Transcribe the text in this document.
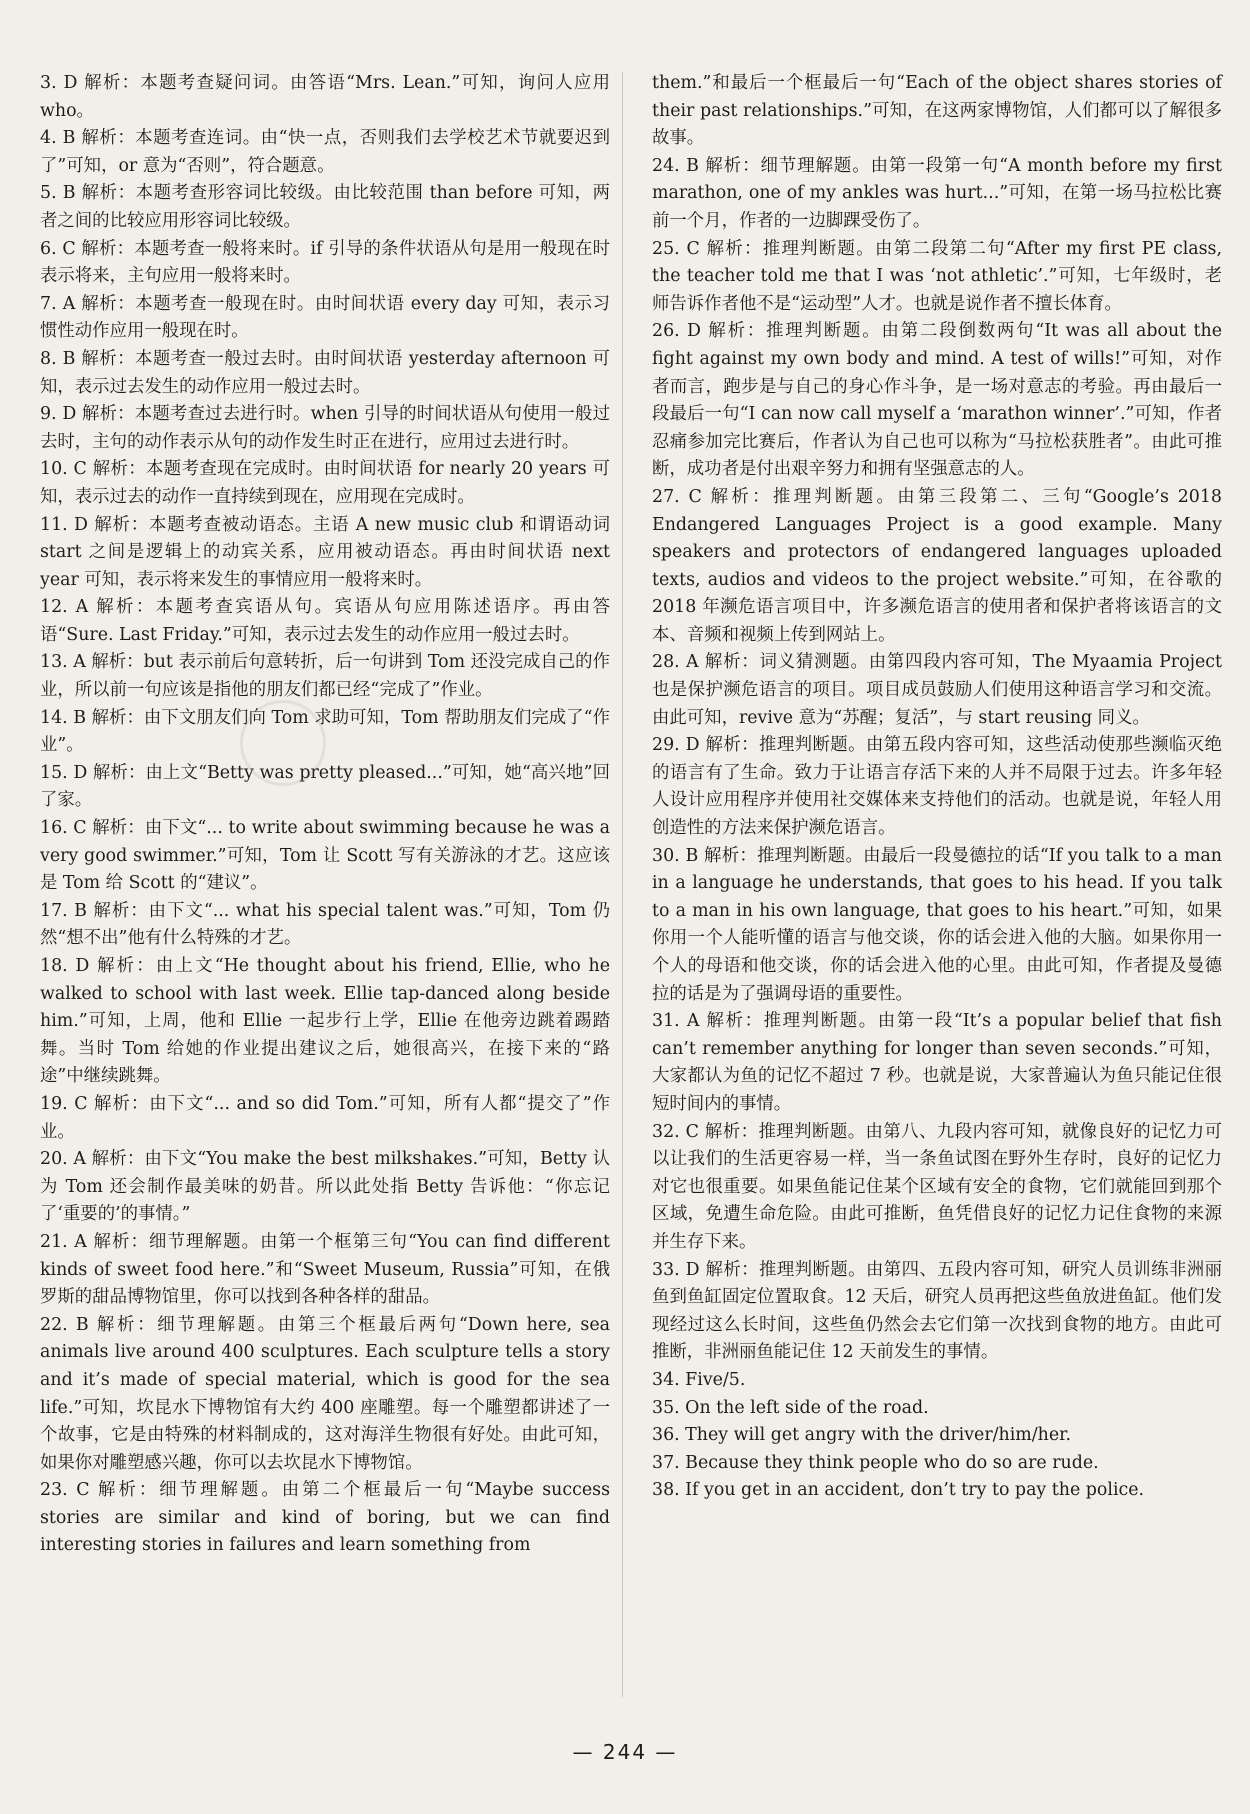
3. D 解析：本题考查疑问词。由答语“Mrs. Lean.”可知，询问人应用 who。
4. B 解析：本题考查连词。由“快一点，否则我们去学校艺术节就要迟到了”可知，or 意为“否则”，符合题意。
5. B 解析：本题考查形容词比较级。由比较范围 than before 可知，两者之间的比较应用形容词比较级。
6. C 解析：本题考查一般将来时。if 引导的条件状语从句是用一般现在时表示将来，主句应用一般将来时。
7. A 解析：本题考查一般现在时。由时间状语 every day 可知，表示习惯性动作应用一般现在时。
8. B 解析：本题考查一般过去时。由时间状语 yesterday afternoon 可知，表示过去发生的动作应用一般过去时。
9. D 解析：本题考查过去进行时。when 引导的时间状语从句使用一般过去时，主句的动作表示从句的动作发生时正在进行，应用过去进行时。
10. C 解析：本题考查现在完成时。由时间状语 for nearly 20 years 可知，表示过去的动作一直持续到现在，应用现在完成时。
11. D 解析：本题考查被动语态。主语 A new music club 和谓语动词 start 之间是逻辑上的动宾关系，应用被动语态。再由时间状语 next year 可知，表示将来发生的事情应用一般将来时。
12. A 解析：本题考查宾语从句。宾语从句应用陈述语序。再由答语“Sure. Last Friday.”可知，表示过去发生的动作应用一般过去时。
13. A 解析：but 表示前后句意转折，后一句讲到 Tom 还没完成自己的作业，所以前一句应该是指他的朋友们都已经“完成了”作业。
14. B 解析：由下文朋友们向 Tom 求助可知，Tom 帮助朋友们完成了“作业”。
15. D 解析：由上文“Betty was pretty pleased...”可知，她“高兴地”回了家。
16. C 解析：由下文“... to write about swimming because he was a very good swimmer.”可知，Tom 让 Scott 写有关游泳的才艺。这应该是 Tom 给 Scott 的“建议”。
17. B 解析：由下文“... what his special talent was.”可知，Tom 仍然“想不出”他有什么特殊的才艺。
18. D 解析：由上文“He thought about his friend, Ellie, who he walked to school with last week. Ellie tap-danced along beside him.”可知，上周，他和 Ellie 一起步行上学，Ellie 在他旁边跳着踢踏舞。当时 Tom 给她的作业提出建议之后，她很高兴，在接下来的“路途”中继续跳舞。
19. C 解析：由下文“... and so did Tom.”可知，所有人都“提交了”作业。
20. A 解析：由下文“You make the best milkshakes.”可知，Betty 认为 Tom 还会制作最美味的奶昔。所以此处指 Betty 告诉他：“你忘记了‘重要的’的事情。”
21. A 解析：细节理解题。由第一个框第三句“You can find different kinds of sweet food here.”和“Sweet Museum, Russia”可知，在俄罗斯的甜品博物馆里，你可以找到各种各样的甜品。
22. B 解析：细节理解题。由第三个框最后两句“Down here, sea animals live around 400 sculptures. Each sculpture tells a story and it’s made of special material, which is good for the sea life.”可知，坎昆水下博物馆有大约 400 座雕塑。每一个雕塑都讲述了一个故事，它是由特殊的材料制成的，这对海洋生物很有好处。由此可知，如果你对雕塑感兴趣，你可以去坎昆水下博物馆。
23. C 解析：细节理解题。由第二个框最后一句“Maybe success stories are similar and kind of boring, but we can find interesting stories in failures and learn something from
them.”和最后一个框最后一句“Each of the object shares stories of their past relationships.”可知，在这两家博物馆，人们都可以了解很多故事。
24. B 解析：细节理解题。由第一段第一句“A month before my first marathon, one of my ankles was hurt...”可知，在第一场马拉松比赛前一个月，作者的一边脚踝受伤了。
25. C 解析：推理判断题。由第二段第二句“After my first PE class, the teacher told me that I was ‘not athletic’.”可知，七年级时，老师告诉作者他不是“运动型”人才。也就是说作者不擅长体育。
26. D 解析：推理判断题。由第二段倒数两句“It was all about the fight against my own body and mind. A test of wills!”可知，对作者而言，跑步是与自己的身心作斗争，是一场对意志的考验。再由最后一段最后一句“I can now call myself a ‘marathon winner’.”可知，作者忍痛参加完比赛后，作者认为自己也可以称为“马拉松获胜者”。由此可推断，成功者是付出艰辛努力和拥有坚强意志的人。
27. C 解析：推理判断题。由第三段第二、三句“Google’s 2018 Endangered Languages Project is a good example. Many speakers and protectors of endangered languages uploaded texts, audios and videos to the project website.”可知，在谷歌的 2018 年濒危语言项目中，许多濒危语言的使用者和保护者将该语言的文本、音频和视频上传到网站上。
28. A 解析：词义猜测题。由第四段内容可知，The Myaamia Project 也是保护濒危语言的项目。项目成员鼓励人们使用这种语言学习和交流。由此可知，revive 意为“苏醒；复活”，与 start reusing 同义。
29. D 解析：推理判断题。由第五段内容可知，这些活动使那些濒临灭绝的语言有了生命。致力于让语言存活下来的人并不局限于过去。许多年轻人设计应用程序并使用社交媒体来支持他们的活动。也就是说，年轻人用创造性的方法来保护濒危语言。
30. B 解析：推理判断题。由最后一段曼德拉的话“If you talk to a man in a language he understands, that goes to his head. If you talk to a man in his own language, that goes to his heart.”可知，如果你用一个人能听懂的语言与他交谈，你的话会进入他的大脑。如果你用一个人的母语和他交谈，你的话会进入他的心里。由此可知，作者提及曼德拉的话是为了强调母语的重要性。
31. A 解析：推理判断题。由第一段“It’s a popular belief that fish can’t remember anything for longer than seven seconds.”可知，大家都认为鱼的记忆不超过 7 秒。也就是说，大家普遍认为鱼只能记住很短时间内的事情。
32. C 解析：推理判断题。由第八、九段内容可知，就像良好的记忆力可以让我们的生活更容易一样，当一条鱼试图在野外生存时，良好的记忆力对它也很重要。如果鱼能记住某个区域有安全的食物，它们就能回到那个区域，免遭生命危险。由此可推断，鱼凭借良好的记忆力记住食物的来源并生存下来。
33. D 解析：推理判断题。由第四、五段内容可知，研究人员训练非洲丽鱼到鱼缸固定位置取食。12 天后，研究人员再把这些鱼放进鱼缸。他们发现经过这么长时间，这些鱼仍然会去它们第一次找到食物的地方。由此可推断，非洲丽鱼能记住 12 天前发生的事情。
34. Five/5.
35. On the left side of the road.
36. They will get angry with the driver/him/her.
37. Because they think people who do so are rude.
38. If you get in an accident, don’t try to pay the police.
— 244 —
